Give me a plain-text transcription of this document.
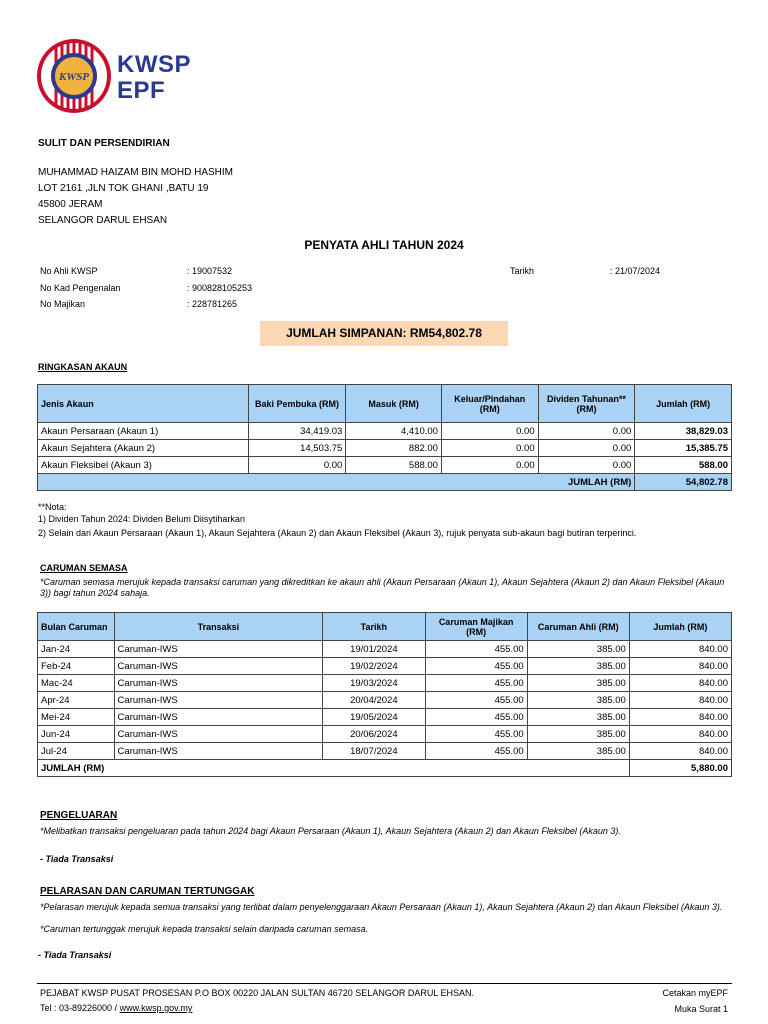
KWSP KWSP
EPF
SULIT DAN PERSENDIRIAN
MUHAMMAD HAIZAM BIN MOHD HASHIM
LOT 2161 ,JLN TOK GHANI ,BATU 19
45800 JERAM
SELANGOR DARUL EHSAN
PENYATA AHLI TAHUN 2024
No Ahli KWSP	: 19007532
No Kad Pengenalan	: 900828105253
No Majikan	: 228781265
Tarikh	: 21/07/2024
JUMLAH SIMPANAN: RM54,802.78
RINGKASAN AKAUN
Jenis Akaun	Baki Pembuka (RM)	Masuk (RM)	Keluar/Pindahan (RM)	Dividen Tahunan** (RM)	Jumlah (RM)
Akaun Persaraan (Akaun 1)	34,419.03	4,410.00	0.00	0.00	38,829.03
Akaun Sejahtera (Akaun 2)	14,503.75	882.00	0.00	0.00	15,385.75
Akaun Fleksibel (Akaun 3)	0.00	588.00	0.00	0.00	588.00
JUMLAH (RM)					54,802.78
**Nota:
1) Dividen Tahun 2024: Dividen Belum Diisytiharkan
2) Selain dari Akaun Persaraan (Akaun 1), Akaun Sejahtera (Akaun 2) dan Akaun Fleksibel (Akaun 3), rujuk penyata sub-akaun bagi butiran terperinci.
CARUMAN SEMASA
*Caruman semasa merujuk kepada transaksi caruman yang dikreditkan ke akaun ahli (Akaun Persaraan (Akaun 1), Akaun Sejahtera (Akaun 2) dan Akaun Fleksibel (Akaun 3)) bagi tahun 2024 sahaja.
Bulan Caruman	Transaksi	Tarikh	Caruman Majikan (RM)	Caruman Ahli (RM)	Jumlah (RM)
Jan-24	Caruman-IWS	19/01/2024	455.00	385.00	840.00
Feb-24	Caruman-IWS	19/02/2024	455.00	385.00	840.00
Mac-24	Caruman-IWS	19/03/2024	455.00	385.00	840.00
Apr-24	Caruman-IWS	20/04/2024	455.00	385.00	840.00
Mei-24	Caruman-IWS	19/05/2024	455.00	385.00	840.00
Jun-24	Caruman-IWS	20/06/2024	455.00	385.00	840.00
Jul-24	Caruman-IWS	18/07/2024	455.00	385.00	840.00
JUMLAH (RM)					5,880.00
PENGELUARAN
*Melibatkan transaksi pengeluaran pada tahun 2024 bagi Akaun Persaraan (Akaun 1), Akaun Sejahtera (Akaun 2) dan Akaun Fleksibel (Akaun 3).
- Tiada Transaksi
PELARASAN DAN CARUMAN TERTUNGGAK
*Pelarasan merujuk kepada semua transaksi yang terlibat dalam penyelenggaraan Akaun Persaraan (Akaun 1), Akaun Sejahtera (Akaun 2) dan Akaun Fleksibel (Akaun 3).
*Caruman tertunggak merujuk kepada transaksi selain daripada caruman semasa.
- Tiada Transaksi
PEJABAT KWSP PUSAT PROSESAN P.O BOX 00220 JALAN SULTAN 46720 SELANGOR DARUL EHSAN.
Tel : 03-89226000 / www.kwsp.gov.my
Cetakan myEPF
Muka Surat 1
